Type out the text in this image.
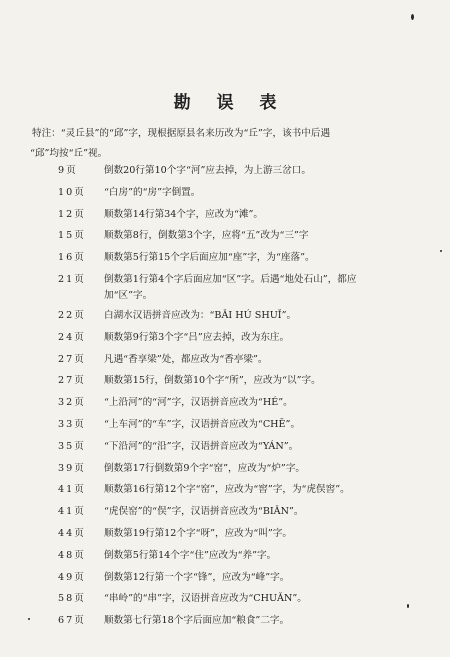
勘 误 表
特注：“灵丘县”的“邱”字，现根据原县名来历改为“丘”字，该书中后遇
“邱”均按“丘”视。
9页	倒数20行第10个字“河”应去掉，为上游三岔口。
10页	“白房”的“房”字倒置。
12页	顺数第14行第34个字，应改为“滩”。
15页	顺数第8行，倒数第3个字，应将“五”改为“三”字
16页	顺数第5行第15个字后面应加“座”字，为“座落”。
21页	倒数第1行第4个字后面应加“区”字。后遇“地处石山”，都应加“区”字。
22页	白湖水汉语拼音应改为：“BǍI HÚ SHUǏ”。
24页	顺数第9行第3个字“吕”应去掉，改为东庄。
27页	凡遇“香享梁”处，都应改为“香亭梁”。
27页	顺数第15行，倒数第10个字“所”，应改为“以”字。
32页	“上沿河”的“河”字，汉语拼音应改为“HÉ”。
33页	“上车河”的“车”字，汉语拼音应改为“CHĒ”。
35页	“下沿河”的“沿”字，汉语拼音应改为“YÁN”。
39页	倒数第17行倒数第9个字“窑”，应改为“炉”字。
41页	顺数第16行第12个字“窑”，应改为“窖”字，为“虎俣窖”。
41页	“虎俣窑”的“俣”字，汉语拼音应改为“BIǍN”。
44页	顺数第19行第12个字“呀”，应改为“叫”字。
48页	倒数第5行第14个字“住”应改为“养”字。
49页	倒数第12行第一个字“锋”，应改为“峰”字。
58页	“串岭”的“串”字，汉语拼音应改为“CHUǍN”。
67页	顺数第七行第18个字后面应加“粮食”二字。
